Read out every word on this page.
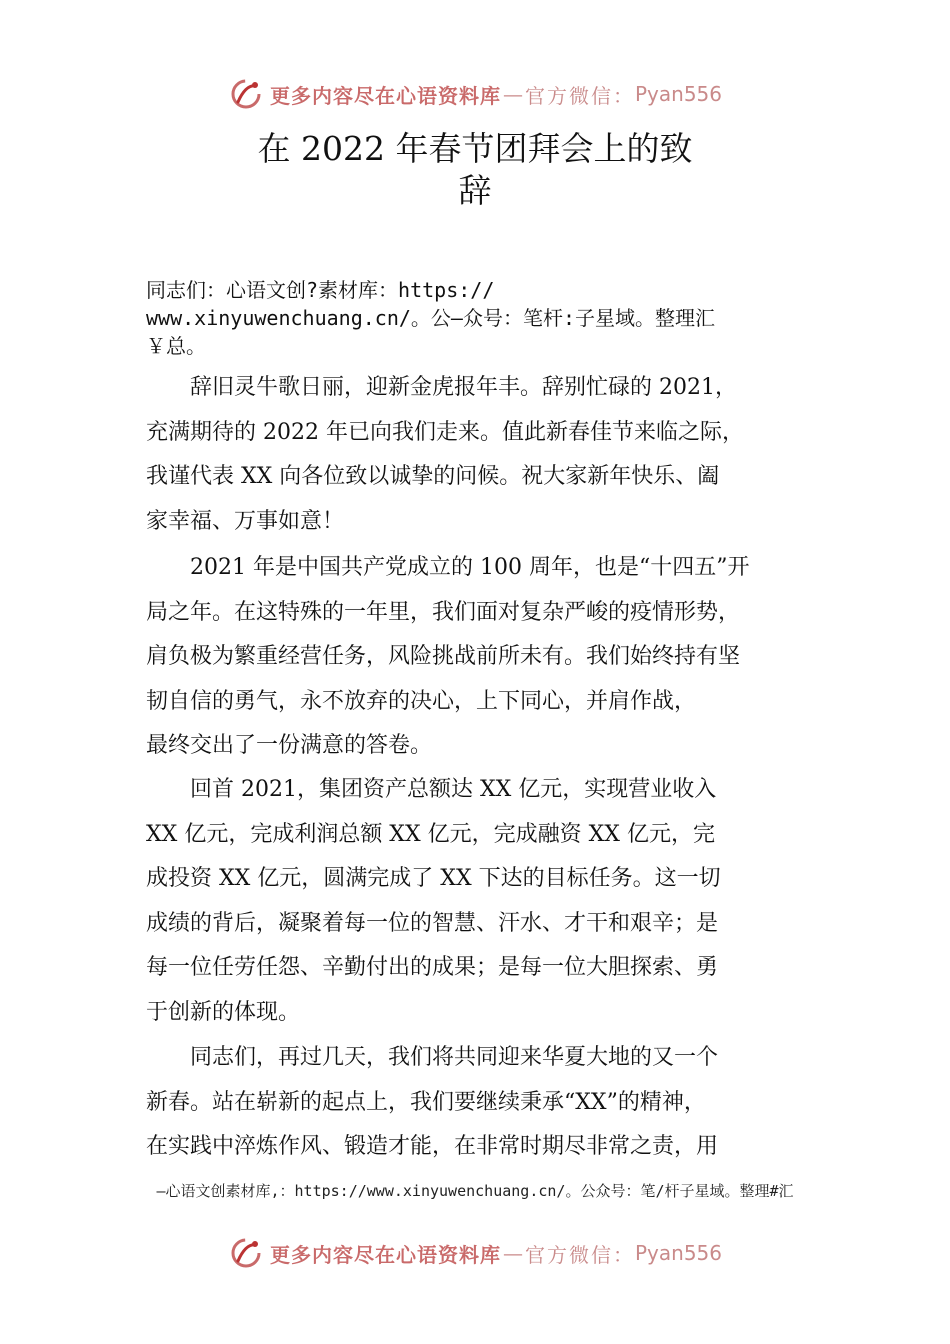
更多内容尽在心语资料库 — 官方微信： Pyan556
在 2022 年春节团拜会上的致
辞
同志们：心语文创?素材库：https://
www.xinyuwenchuang.cn/。公—众号：笔杆:子星域。整理汇
￥总。
　　辞旧灵牛歌日丽，迎新金虎报年丰。辞别忙碌的 2021，
充满期待的 2022 年已向我们走来。值此新春佳节来临之际，
我谨代表 XX 向各位致以诚挚的问候。祝大家新年快乐、阖
家幸福、万事如意！
　　2021 年是中国共产党成立的 100 周年，也是“十四五”开
局之年。在这特殊的一年里，我们面对复杂严峻的疫情形势，
肩负极为繁重经营任务，风险挑战前所未有。我们始终持有坚
韧自信的勇气，永不放弃的决心，上下同心，并肩作战，
最终交出了一份满意的答卷。
　　回首 2021，集团资产总额达 XX 亿元，实现营业收入
XX 亿元，完成利润总额 XX 亿元，完成融资 XX 亿元，完
成投资 XX 亿元，圆满完成了 XX 下达的目标任务。这一切
成绩的背后，凝聚着每一位的智慧、汗水、才干和艰辛；是
每一位任劳任怨、辛勤付出的成果；是每一位大胆探索、勇
于创新的体现。
　　同志们，再过几天，我们将共同迎来华夏大地的又一个
新春。站在崭新的起点上，我们要继续秉承“XX”的精神，
在实践中淬炼作风、锻造才能，在非常时期尽非常之责，用
—心语文创素材库,：https://www.xinyuwenchuang.cn/。公众号：笔/杆子星域。整理#汇
更多内容尽在心语资料库 — 官方微信： Pyan556
